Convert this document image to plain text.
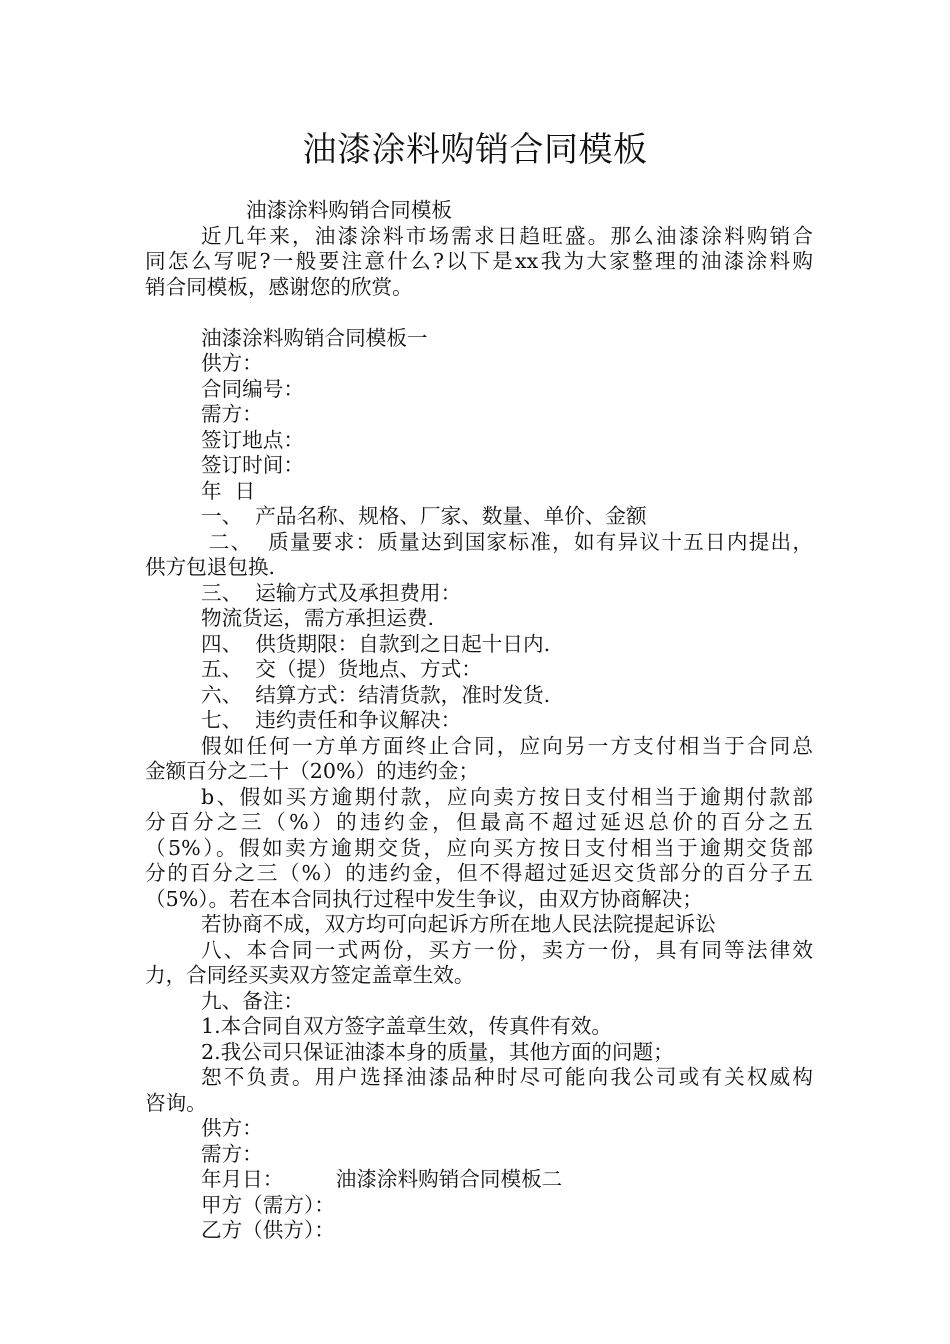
油漆涂料购销合同模板
油漆涂料购销合同模板
近几年来，油漆涂料市场需求日趋旺盛。那么油漆涂料购销合
同怎么写呢?一般要注意什么?以下是xx我为大家整理的油漆涂料购
销合同模板，感谢您的欣赏。
油漆涂料购销合同模板一
供方：
合同编号：
需方：
签订地点：
签订时间：
年  日
一、  产品名称、规格、厂家、数量、单价、金额
二、  质量要求：质量达到国家标准，如有异议十五日内提出，
供方包退包换.
三、  运输方式及承担费用：
物流货运，需方承担运费.
四、  供货期限：自款到之日起十日内.
五、  交（提）货地点、方式：
六、  结算方式：结清货款，准时发货.
七、  违约责任和争议解决：
假如任何一方单方面终止合同，应向另一方支付相当于合同总
金额百分之二十（20%）的违约金；
b、假如买方逾期付款，应向卖方按日支付相当于逾期付款部
分百分之三（%）的违约金，但最高不超过延迟总价的百分之五
（5%）。假如卖方逾期交货，应向买方按日支付相当于逾期交货部
分的百分之三（%）的违约金，但不得超过延迟交货部分的百分子五
（5%）。若在本合同执行过程中发生争议，由双方协商解决；
若协商不成，双方均可向起诉方所在地人民法院提起诉讼
八、本合同一式两份，买方一份，卖方一份，具有同等法律效
力，合同经买卖双方签定盖章生效。
九、备注：
1.本合同自双方签字盖章生效，传真件有效。
2.我公司只保证油漆本身的质量，其他方面的问题；
恕不负责。用户选择油漆品种时尽可能向我公司或有关权威构
咨询。
供方：
需方：
年月日：        油漆涂料购销合同模板二
甲方（需方）：
乙方（供方）：
